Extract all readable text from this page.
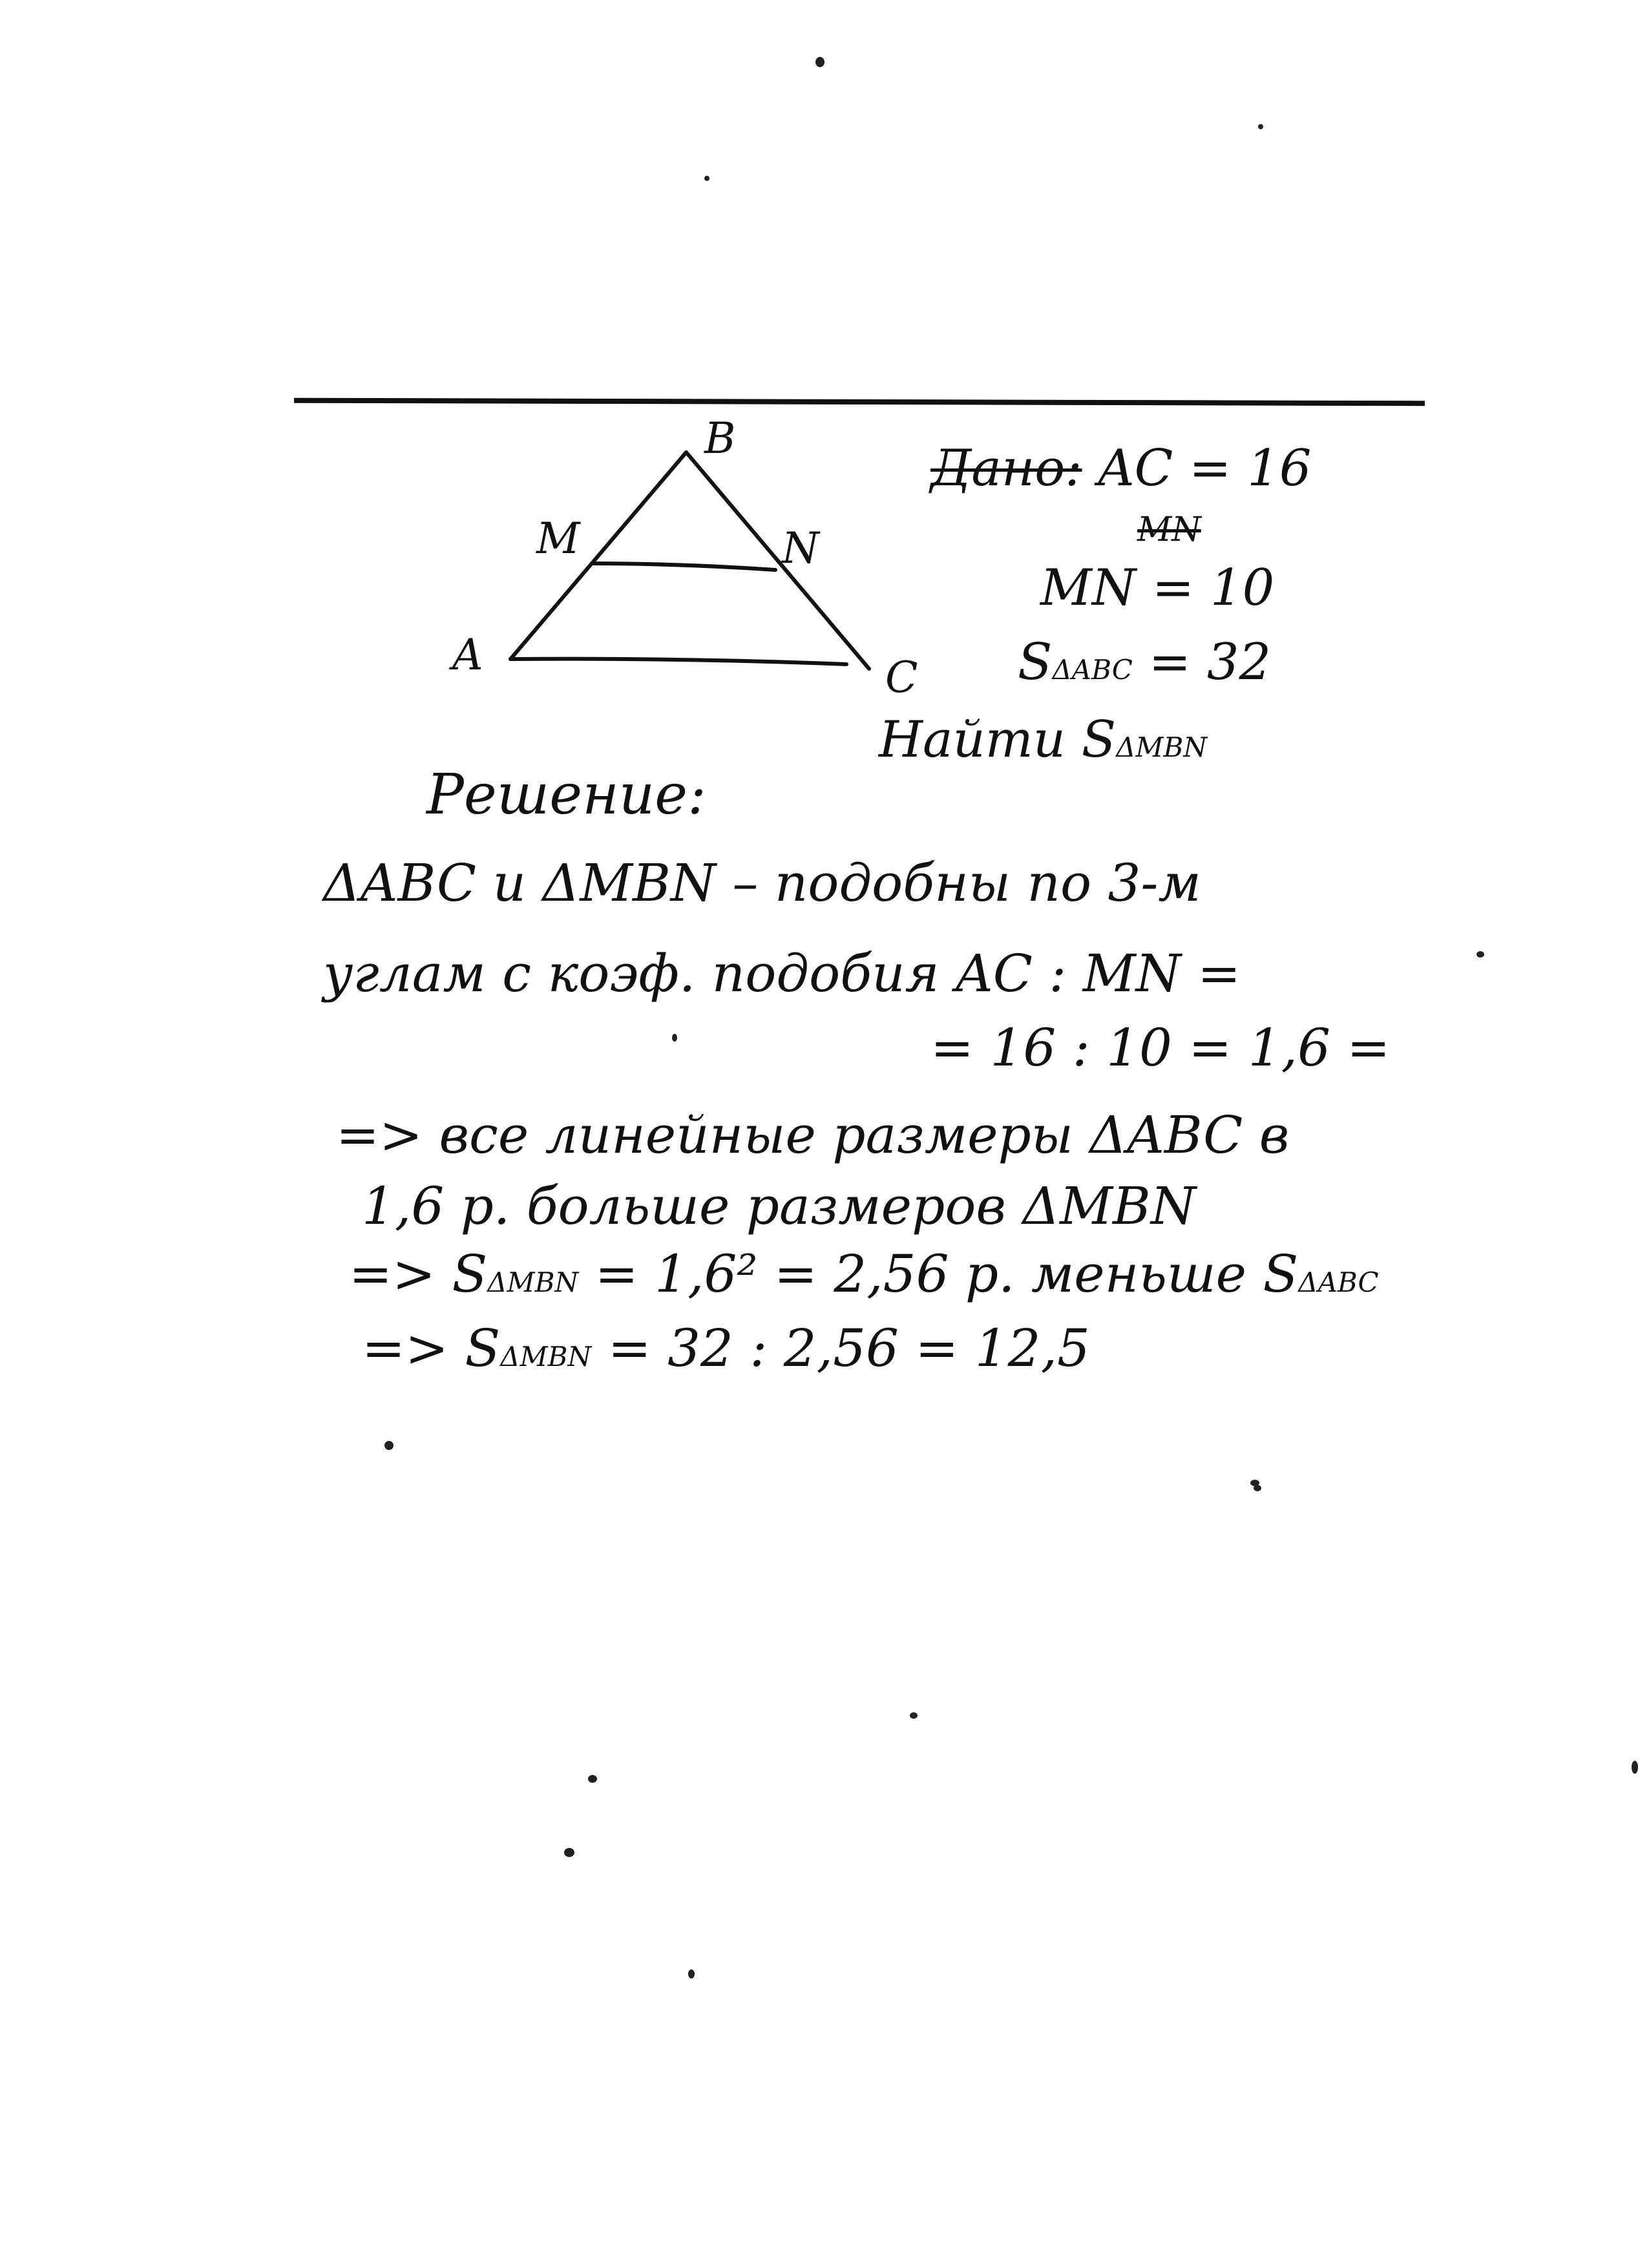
B
M	N
A	C
Дано: AC = 16
MN
MN = 10
SΔABC = 32
Найти SΔMBN
Решение:
ΔABC и ΔMBN – подобны по 3-м
углам с коэф. подобия AC : MN =
= 16 : 10 = 1,6 =
=> все линейные размеры ΔABC в
1,6 р. больше размеров ΔMBN
=> SΔMBN = 1,6² = 2,56 р. меньше SΔABC
=> SΔMBN = 32 : 2,56 = 12,5
